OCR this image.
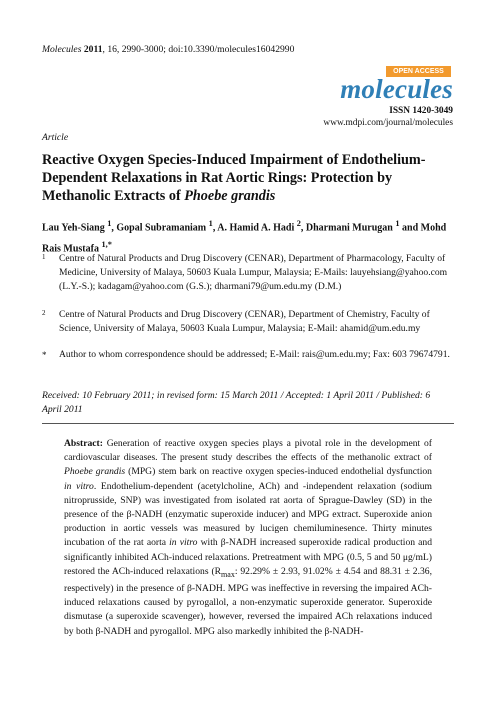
Molecules 2011, 16, 2990-3000; doi:10.3390/molecules16042990
OPEN ACCESS
molecules
ISSN 1420-3049
www.mdpi.com/journal/molecules
Article
Reactive Oxygen Species-Induced Impairment of Endothelium-Dependent Relaxations in Rat Aortic Rings: Protection by Methanolic Extracts of Phoebe grandis
Lau Yeh-Siang $^1$, Gopal Subramaniam $^1$, A. Hamid A. Hadi $^2$, Dharmani Murugan $^1$ and Mohd Rais Mustafa $^{1,*}$
1 Centre of Natural Products and Drug Discovery (CENAR), Department of Pharmacology, Faculty of Medicine, University of Malaya, 50603 Kuala Lumpur, Malaysia; E-Mails: lauyehsiang@yahoo.com (L.Y.-S.); kadagam@yahoo.com (G.S.); dharmani79@um.edu.my (D.M.)
2 Centre of Natural Products and Drug Discovery (CENAR), Department of Chemistry, Faculty of Science, University of Malaya, 50603 Kuala Lumpur, Malaysia; E-Mail: ahamid@um.edu.my
* Author to whom correspondence should be addressed; E-Mail: rais@um.edu.my; Fax: 603 79674791.
Received: 10 February 2011; in revised form: 15 March 2011 / Accepted: 1 April 2011 / Published: 6 April 2011
Abstract: Generation of reactive oxygen species plays a pivotal role in the development of cardiovascular diseases. The present study describes the effects of the methanolic extract of Phoebe grandis (MPG) stem bark on reactive oxygen species-induced endothelial dysfunction in vitro. Endothelium-dependent (acetylcholine, ACh) and -independent relaxation (sodium nitroprusside, SNP) was investigated from isolated rat aorta of Sprague-Dawley (SD) in the presence of the β-NADH (enzymatic superoxide inducer) and MPG extract. Superoxide anion production in aortic vessels was measured by lucigen chemiluminesence. Thirty minutes incubation of the rat aorta in vitro with β-NADH increased superoxide radical production and significantly inhibited ACh-induced relaxations. Pretreatment with MPG (0.5, 5 and 50 μg/mL) restored the ACh-induced relaxations ($R_{max}$: 92.29% ± 2.93, 91.02% ± 4.54 and 88.31 ± 2.36, respectively) in the presence of β-NADH. MPG was ineffective in reversing the impaired ACh-induced relaxations caused by pyrogallol, a non-enzymatic superoxide generator. Superoxide dismutase (a superoxide scavenger), however, reversed the impaired ACh relaxations induced by both β-NADH and pyrogallol. MPG also markedly inhibited the β-NADH-
